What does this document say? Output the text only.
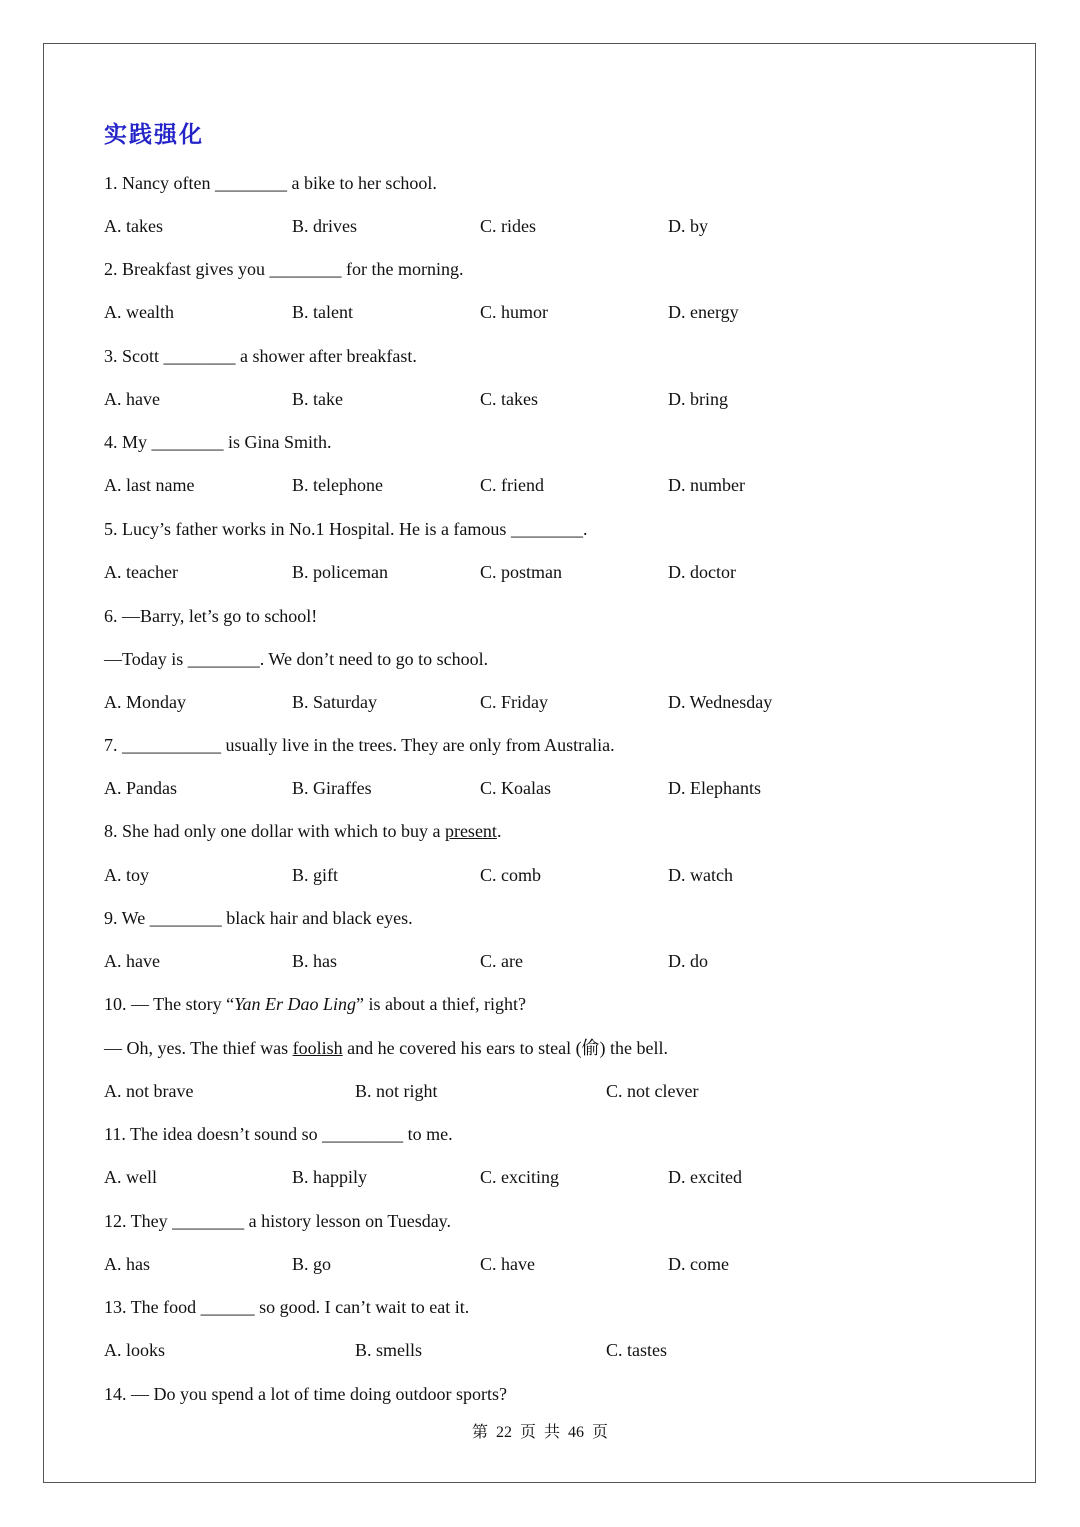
实践强化
1. Nancy often ________ a bike to her school.
A. takes	B. drives	C. rides	D. by
2. Breakfast gives you ________ for the morning.
A. wealth	B. talent	C. humor	D. energy
3. Scott ________ a shower after breakfast.
A. have	B. take	C. takes	D. bring
4. My ________ is Gina Smith.
A. last name	B. telephone	C. friend	D. number
5. Lucy’s father works in No.1 Hospital. He is a famous ________.
A. teacher	B. policeman	C. postman	D. doctor
6. —Barry, let’s go to school!
—Today is ________. We don’t need to go to school.
A. Monday	B. Saturday	C. Friday	D. Wednesday
7. ___________ usually live in the trees. They are only from Australia.
A. Pandas	B. Giraffes	C. Koalas	D. Elephants
8. She had only one dollar with which to buy a present.
A. toy	B. gift	C. comb	D. watch
9. We ________ black hair and black eyes.
A. have	B. has	C. are	D. do
10. — The story “Yan Er Dao Ling” is about a thief, right?
— Oh, yes. The thief was foolish and he covered his ears to steal (偷) the bell.
A. not brave	B. not right	C. not clever
11. The idea doesn’t sound so _________ to me.
A. well	B. happily	C. exciting	D. excited
12. They ________ a history lesson on Tuesday.
A. has	B. go	C. have	D. come
13. The food ______ so good. I can’t wait to eat it.
A. looks	B. smells	C. tastes
14. — Do you spend a lot of time doing outdoor sports?
第 22 页 共 46 页
